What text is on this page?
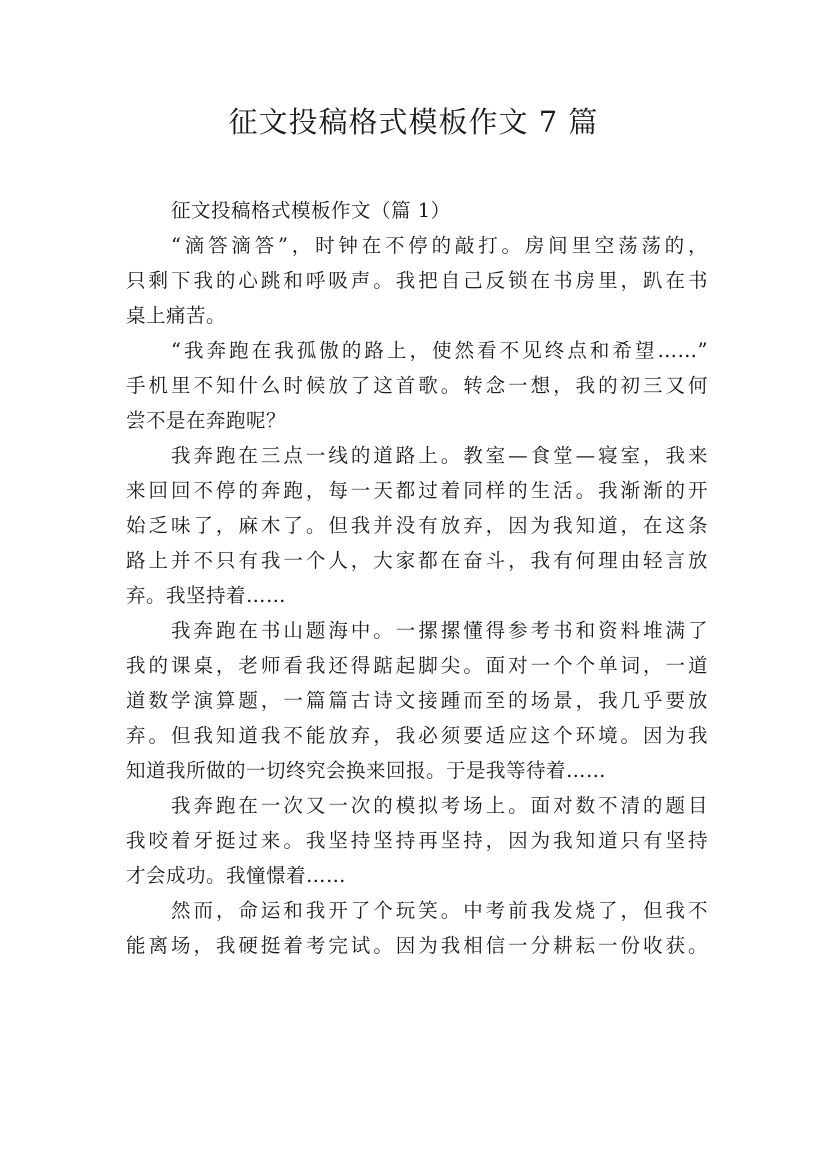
征文投稿格式模板作文 7 篇
征文投稿格式模板作文（篇 1）
“滴答滴答”，时钟在不停的敲打。房间里空荡荡的，
只剩下我的心跳和呼吸声。我把自己反锁在书房里，趴在书
桌上痛苦。
“我奔跑在我孤傲的路上，使然看不见终点和希望……”
手机里不知什么时候放了这首歌。转念一想，我的初三又何
尝不是在奔跑呢？
我奔跑在三点一线的道路上。教室—食堂—寝室，我来
来回回不停的奔跑，每一天都过着同样的生活。我渐渐的开
始乏味了，麻木了。但我并没有放弃，因为我知道，在这条
路上并不只有我一个人，大家都在奋斗，我有何理由轻言放
弃。我坚持着……
我奔跑在书山题海中。一摞摞懂得参考书和资料堆满了
我的课桌，老师看我还得踮起脚尖。面对一个个单词，一道
道数学演算题，一篇篇古诗文接踵而至的场景，我几乎要放
弃。但我知道我不能放弃，我必须要适应这个环境。因为我
知道我所做的一切终究会换来回报。于是我等待着……
我奔跑在一次又一次的模拟考场上。面对数不清的题目
我咬着牙挺过来。我坚持坚持再坚持，因为我知道只有坚持
才会成功。我憧憬着……
然而，命运和我开了个玩笑。中考前我发烧了，但我不
能离场，我硬挺着考完试。因为我相信一分耕耘一份收获。
